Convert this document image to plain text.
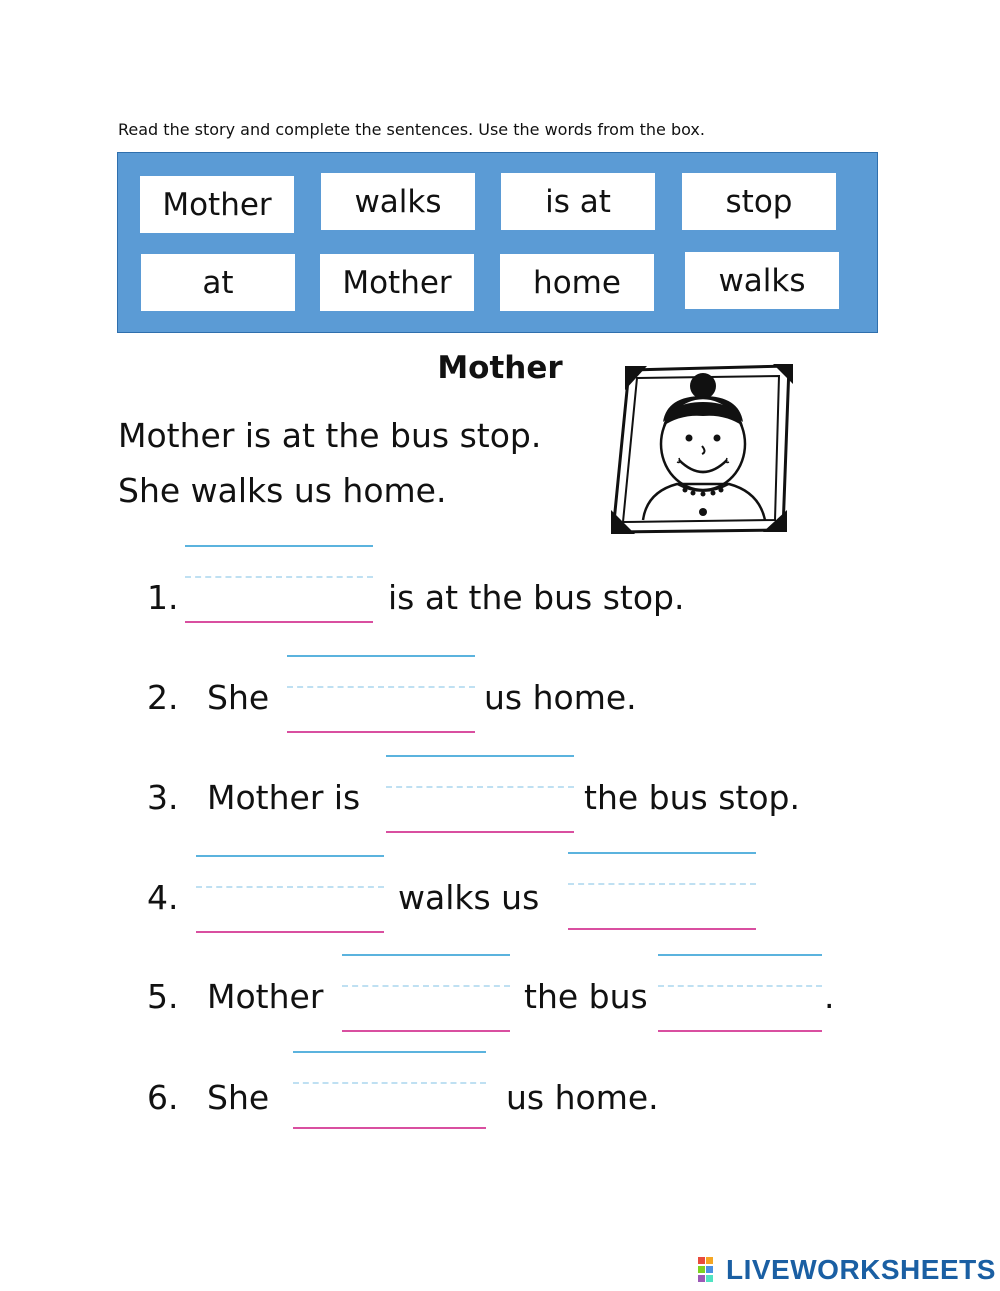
Read the story and complete the sentences. Use the words from the box.
Mother	walks	is at	stop
at	Mother	home	walks
Mother
Mother is at the bus stop.
She walks us home.
1.	is at the bus stop.
2. She	us home.
3. Mother is	the bus stop.
4.	walks us
5. Mother	the bus	.
6. She	us home.
LIVEWORKSHEETS
